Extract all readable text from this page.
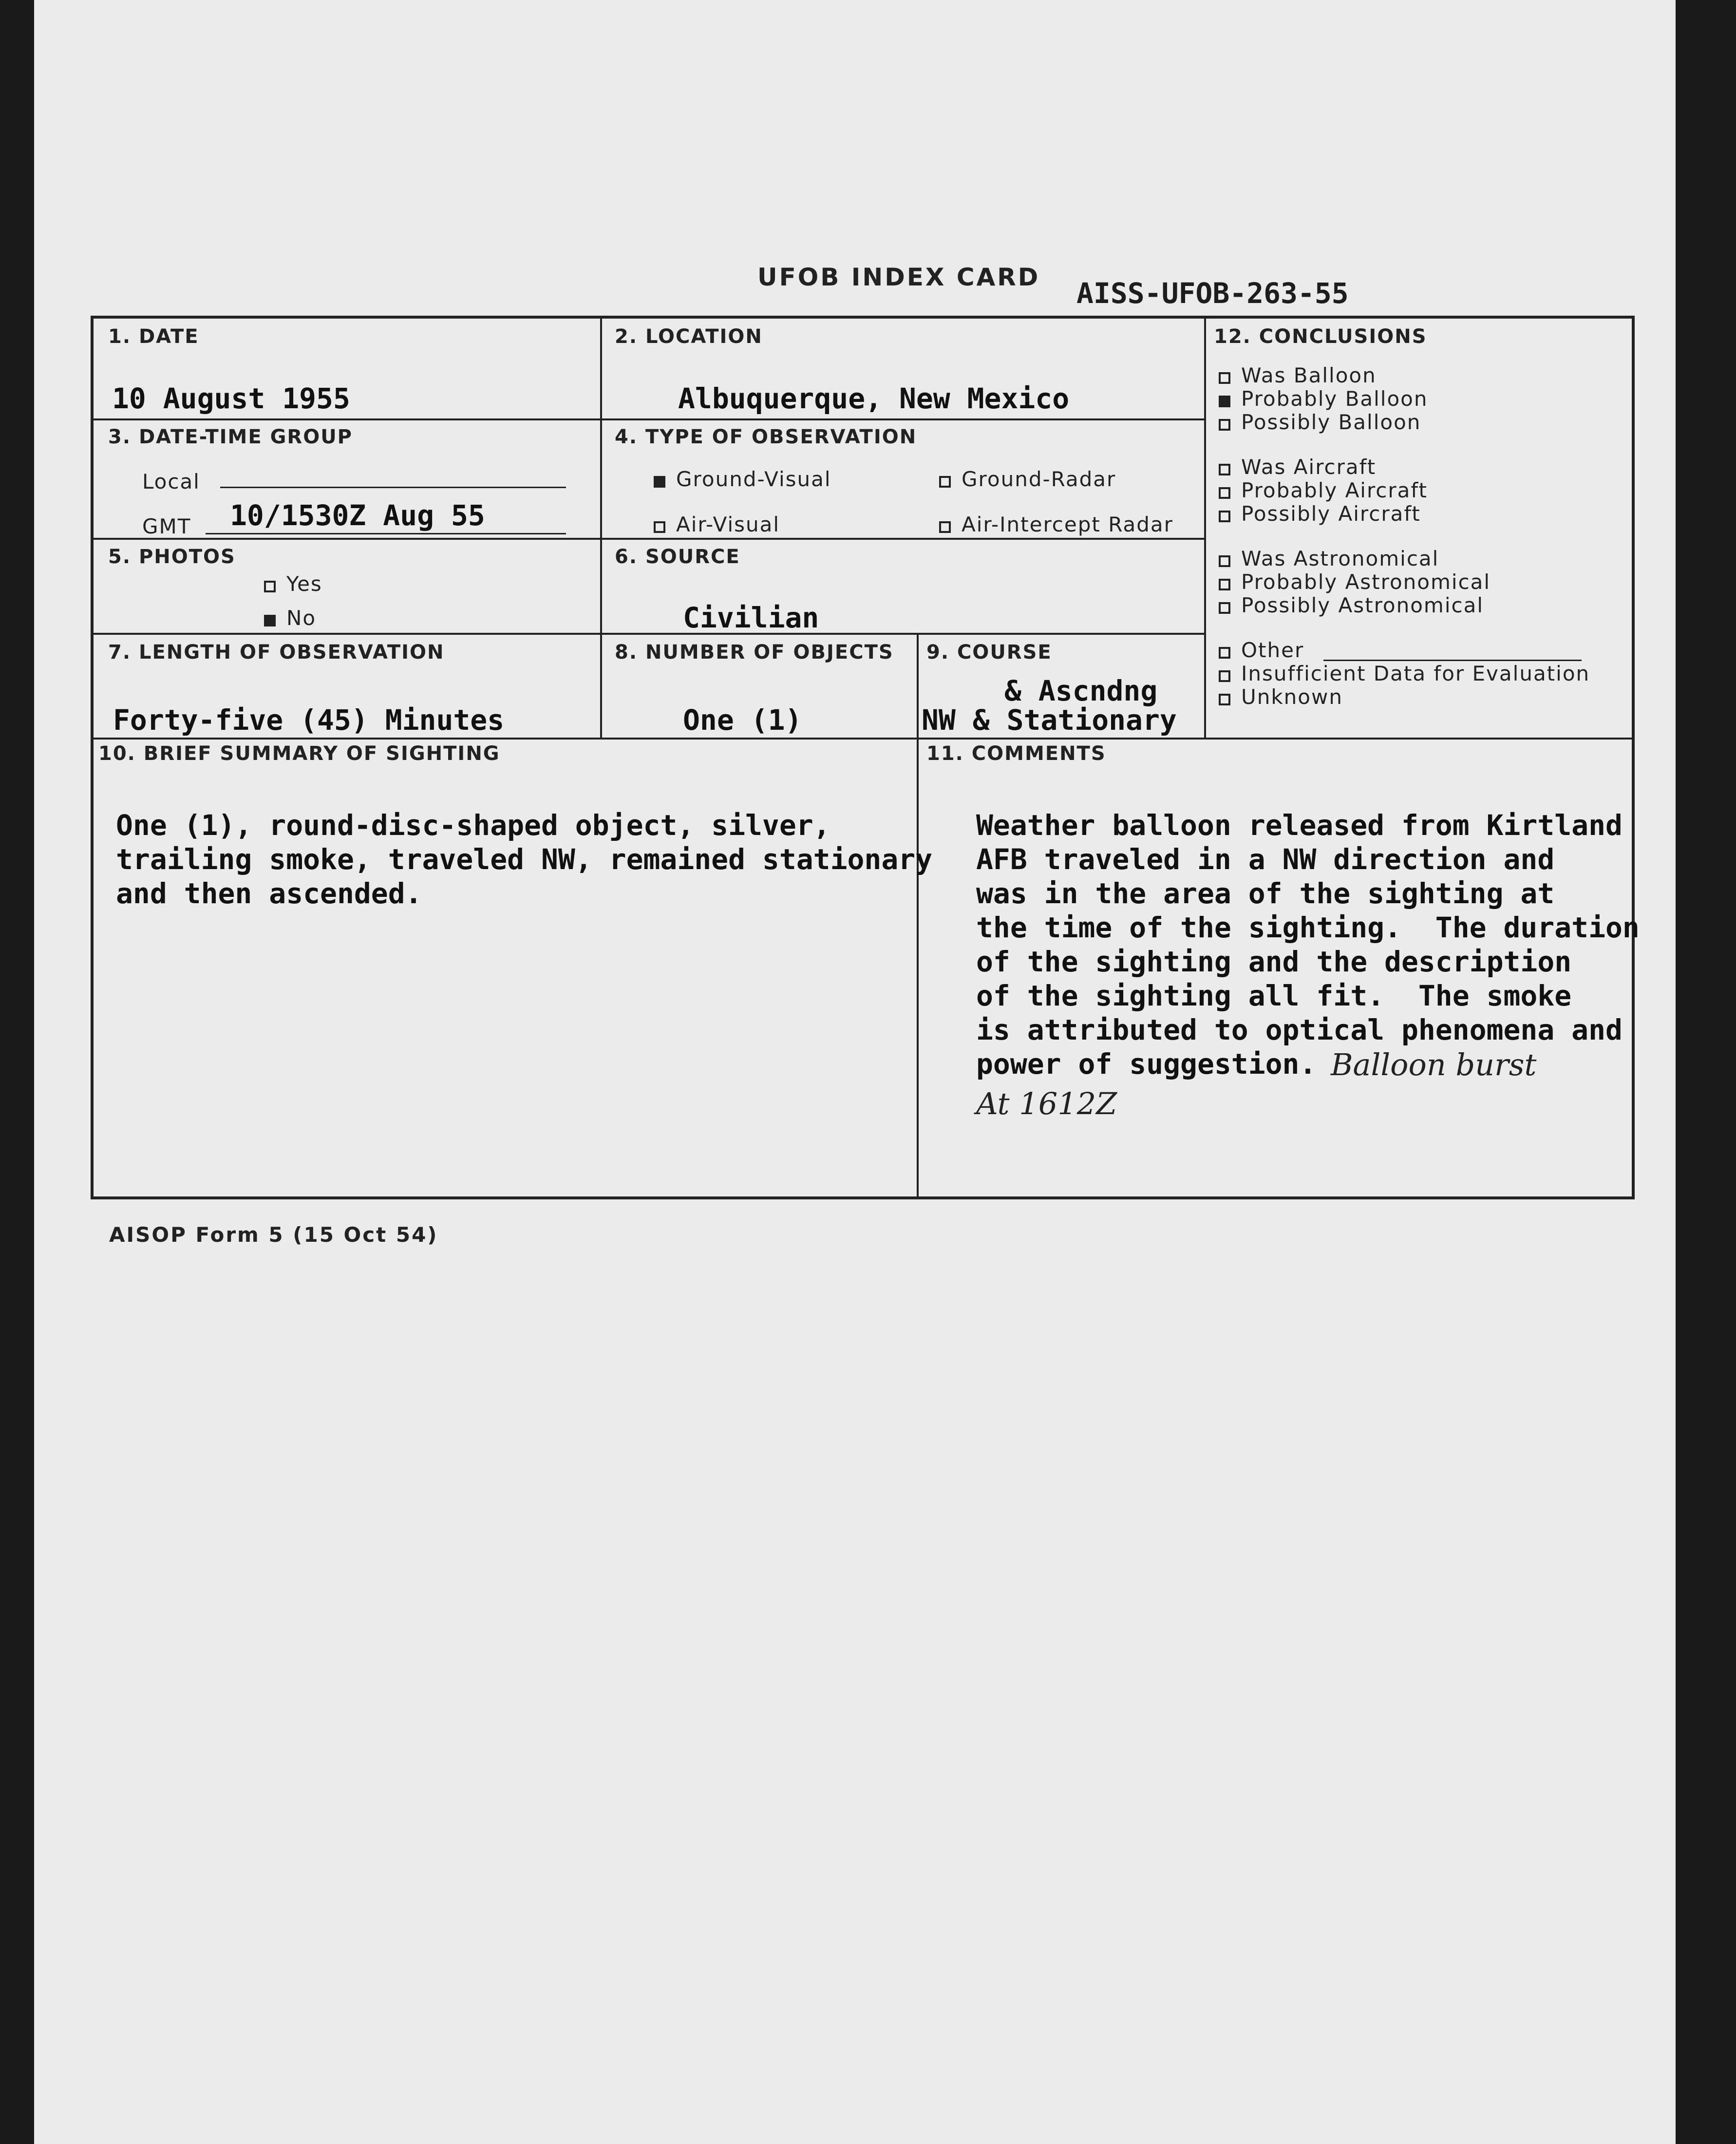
UFOB INDEX CARD AISS-UFOB-263-55
1. DATE
10 August 1955
2. LOCATION
Albuquerque, New Mexico
3. DATE-TIME GROUP
Local
GMT 10/1530Z Aug 55
4. TYPE OF OBSERVATION
Ground-Visual	Ground-Radar
Air-Visual	Air-Intercept Radar
5. PHOTOS
Yes
No
6. SOURCE
Civilian
7. LENGTH OF OBSERVATION
Forty-five (45) Minutes
8. NUMBER OF OBJECTS
One (1)
9. COURSE
& Ascndng
NW & Stationary
12. CONCLUSIONS
Was Balloon
Probably Balloon
Possibly Balloon
Was Aircraft
Probably Aircraft
Possibly Aircraft
Was Astronomical
Probably Astronomical
Possibly Astronomical
Other
Insufficient Data for Evaluation
Unknown
10. BRIEF SUMMARY OF SIGHTING
One (1), round-disc-shaped object, silver,
trailing smoke, traveled NW, remained stationary
and then ascended.
11. COMMENTS
Weather balloon released from Kirtland
AFB traveled in a NW direction and
was in the area of the sighting at
the time of the sighting.  The duration
of the sighting and the description
of the sighting all fit.  The smoke
is attributed to optical phenomena and
power of suggestion. Balloon burst
At 1612Z
AISOP Form 5 (15 Oct 54)
